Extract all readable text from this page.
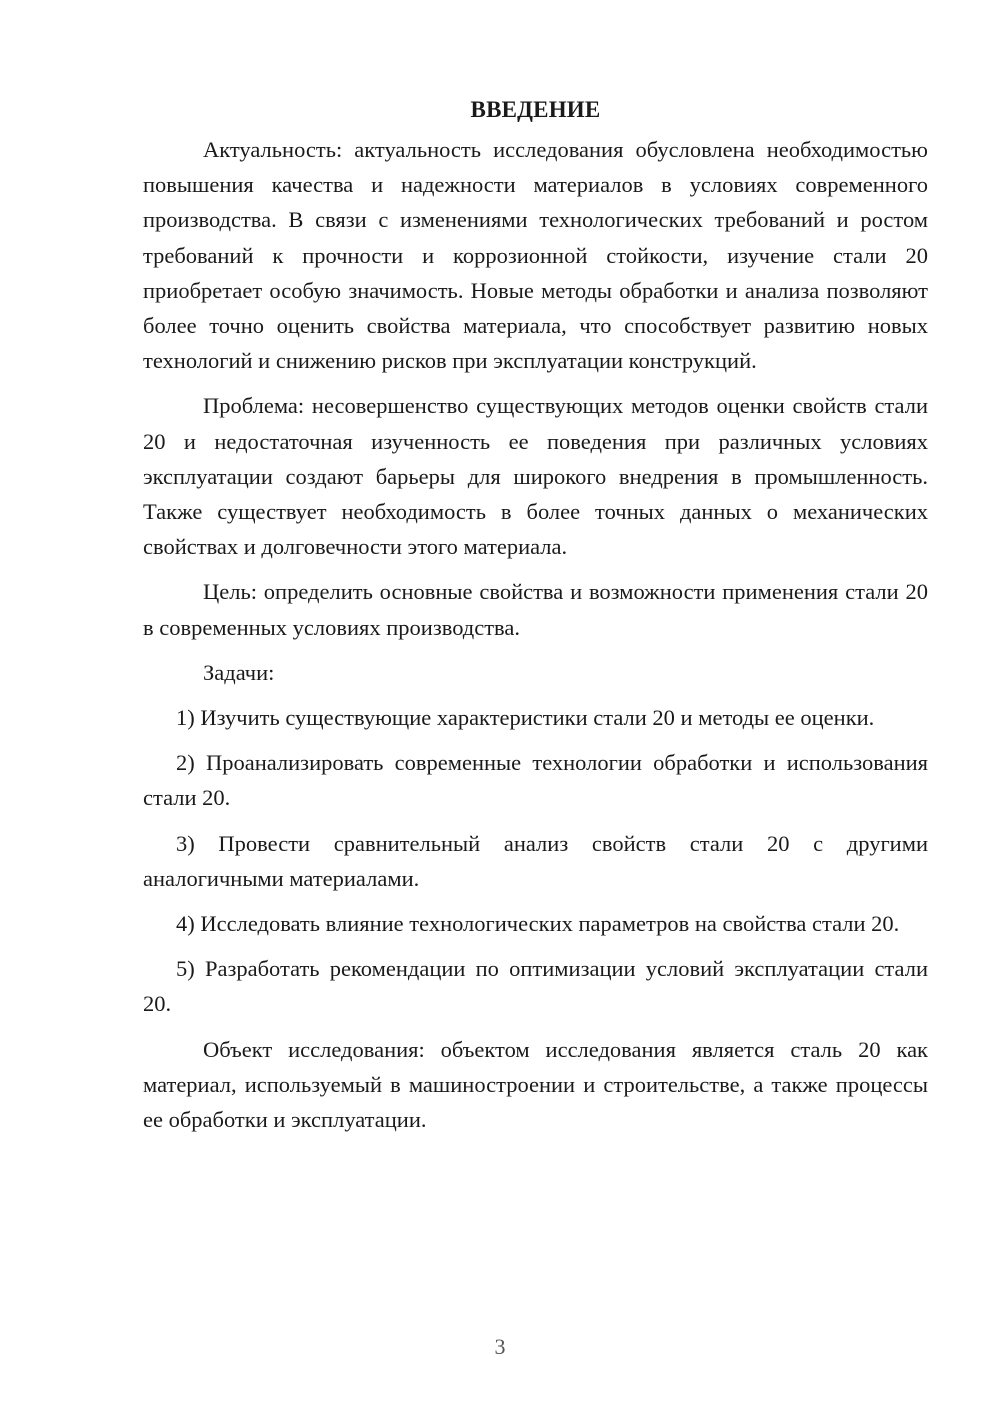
ВВЕДЕНИЕ

Актуальность: актуальность исследования обусловлена необходимостью повышения качества и надежности материалов в условиях современного производства. В связи с изменениями технологических требований и ростом требований к прочности и коррозионной стойкости, изучение стали 20 приобретает особую значимость. Новые методы обработки и анализа позволяют более точно оценить свойства материала, что способствует развитию новых технологий и снижению рисков при эксплуатации конструкций.

Проблема: несовершенство существующих методов оценки свойств стали 20 и недостаточная изученность ее поведения при различных условиях эксплуатации создают барьеры для широкого внедрения в промышленность. Также существует необходимость в более точных данных о механических свойствах и долговечности этого материала.

Цель: определить основные свойства и возможности применения стали 20 в современных условиях производства.

Задачи:

1) Изучить существующие характеристики стали 20 и методы ее оценки.

2) Проанализировать современные технологии обработки и использования стали 20.

3) Провести сравнительный анализ свойств стали 20 с другими аналогичными материалами.

4) Исследовать влияние технологических параметров на свойства стали 20.

5) Разработать рекомендации по оптимизации условий эксплуатации стали 20.

Объект исследования: объектом исследования является сталь 20 как материал, используемый в машиностроении и строительстве, а также процессы ее обработки и эксплуатации.

3
